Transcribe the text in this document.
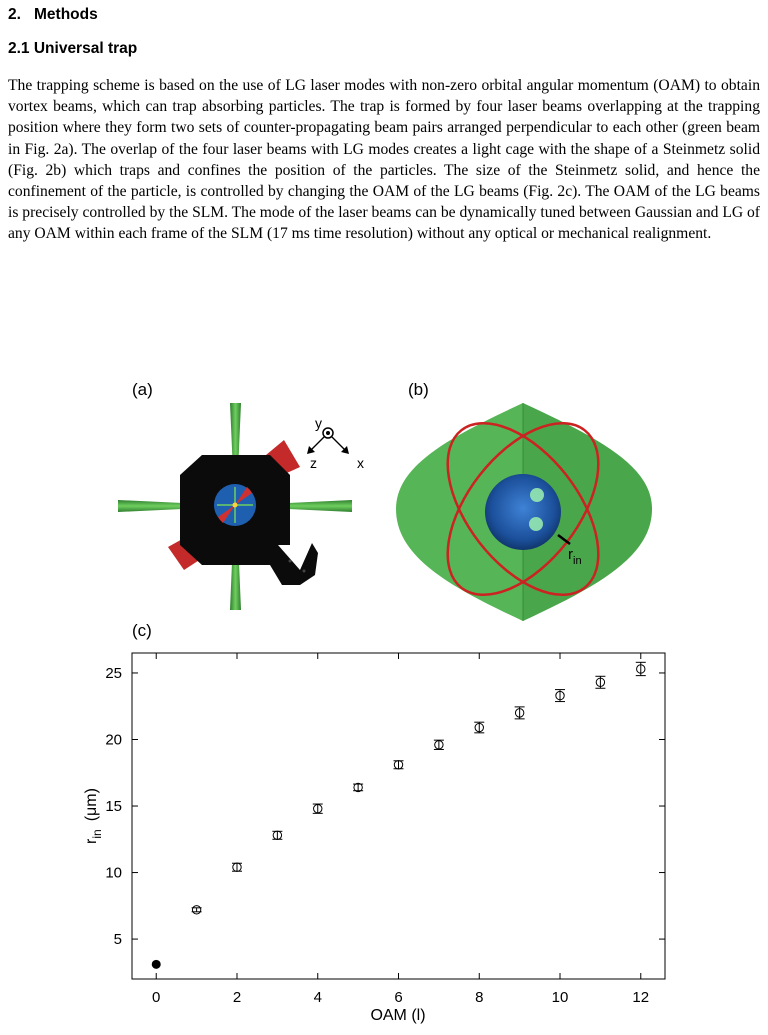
2. Methods
2.1 Universal trap
The trapping scheme is based on the use of LG laser modes with non-zero orbital angular momentum (OAM) to obtain vortex beams, which can trap absorbing particles. The trap is formed by four laser beams overlapping at the trapping position where they form two sets of counter-propagating beam pairs arranged perpendicular to each other (green beam in Fig. 2a). The overlap of the four laser beams with LG modes creates a light cage with the shape of a Steinmetz solid (Fig. 2b) which traps and confines the position of the particles. The size of the Steinmetz solid, and hence the confinement of the particle, is controlled by changing the OAM of the LG beams (Fig. 2c). The OAM of the LG beams is precisely controlled by the SLM. The mode of the laser beams can be dynamically tuned between Gaussian and LG of any OAM within each frame of the SLM (17 ms time resolution) without any optical or mechanical realignment.
(a)	(b)
(c)
y
z	x
$r_{in}$
0	2	4	6	8	10	12
5
10
15
20
25
OAM (l)
$r_{in}(\mu m)$
